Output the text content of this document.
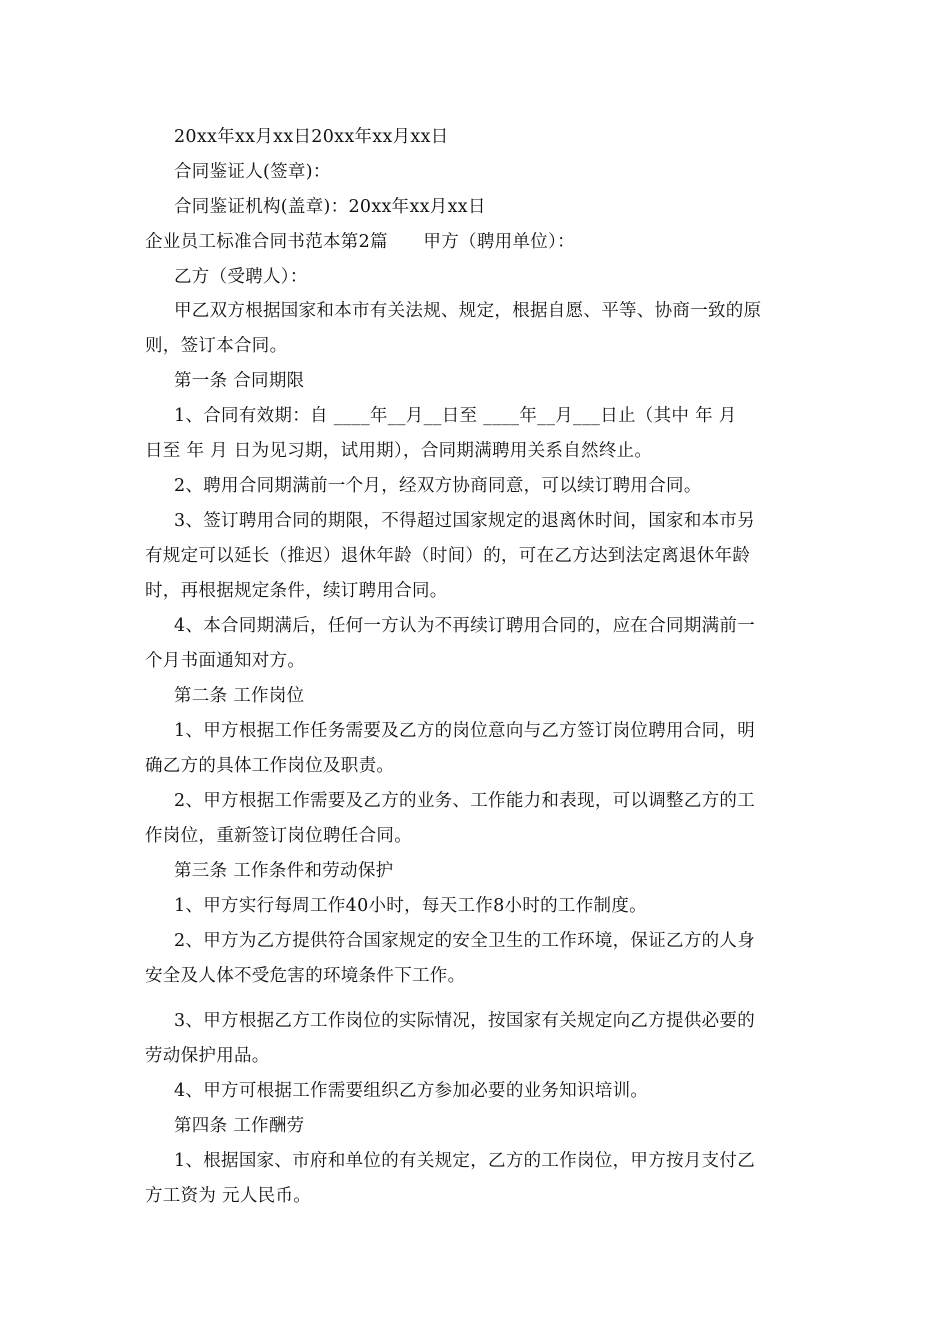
20xx年xx月xx日20xx年xx月xx日
合同鉴证人(签章)：
合同鉴证机构(盖章)：20xx年xx月xx日
企业员工标准合同书范本第2篇　　甲方（聘用单位）：
乙方（受聘人）：
甲乙双方根据国家和本市有关法规、规定，根据自愿、平等、协商一致的原
则，签订本合同。
第一条 合同期限
1、合同有效期：自 ____年__月__日至 ____年__月___日止（其中 年 月
日至 年 月 日为见习期，试用期），合同期满聘用关系自然终止。
2、聘用合同期满前一个月，经双方协商同意，可以续订聘用合同。
3、签订聘用合同的期限，不得超过国家规定的退离休时间，国家和本市另
有规定可以延长（推迟）退休年龄（时间）的，可在乙方达到法定离退休年龄
时，再根据规定条件，续订聘用合同。
4、本合同期满后，任何一方认为不再续订聘用合同的，应在合同期满前一
个月书面通知对方。
第二条 工作岗位
1、甲方根据工作任务需要及乙方的岗位意向与乙方签订岗位聘用合同，明
确乙方的具体工作岗位及职责。
2、甲方根据工作需要及乙方的业务、工作能力和表现，可以调整乙方的工
作岗位，重新签订岗位聘任合同。
第三条 工作条件和劳动保护
1、甲方实行每周工作40小时，每天工作8小时的工作制度。
2、甲方为乙方提供符合国家规定的安全卫生的工作环境，保证乙方的人身
安全及人体不受危害的环境条件下工作。
3、甲方根据乙方工作岗位的实际情况，按国家有关规定向乙方提供必要的
劳动保护用品。
4、甲方可根据工作需要组织乙方参加必要的业务知识培训。
第四条 工作酬劳
1、根据国家、市府和单位的有关规定，乙方的工作岗位，甲方按月支付乙
方工资为 元人民币。
